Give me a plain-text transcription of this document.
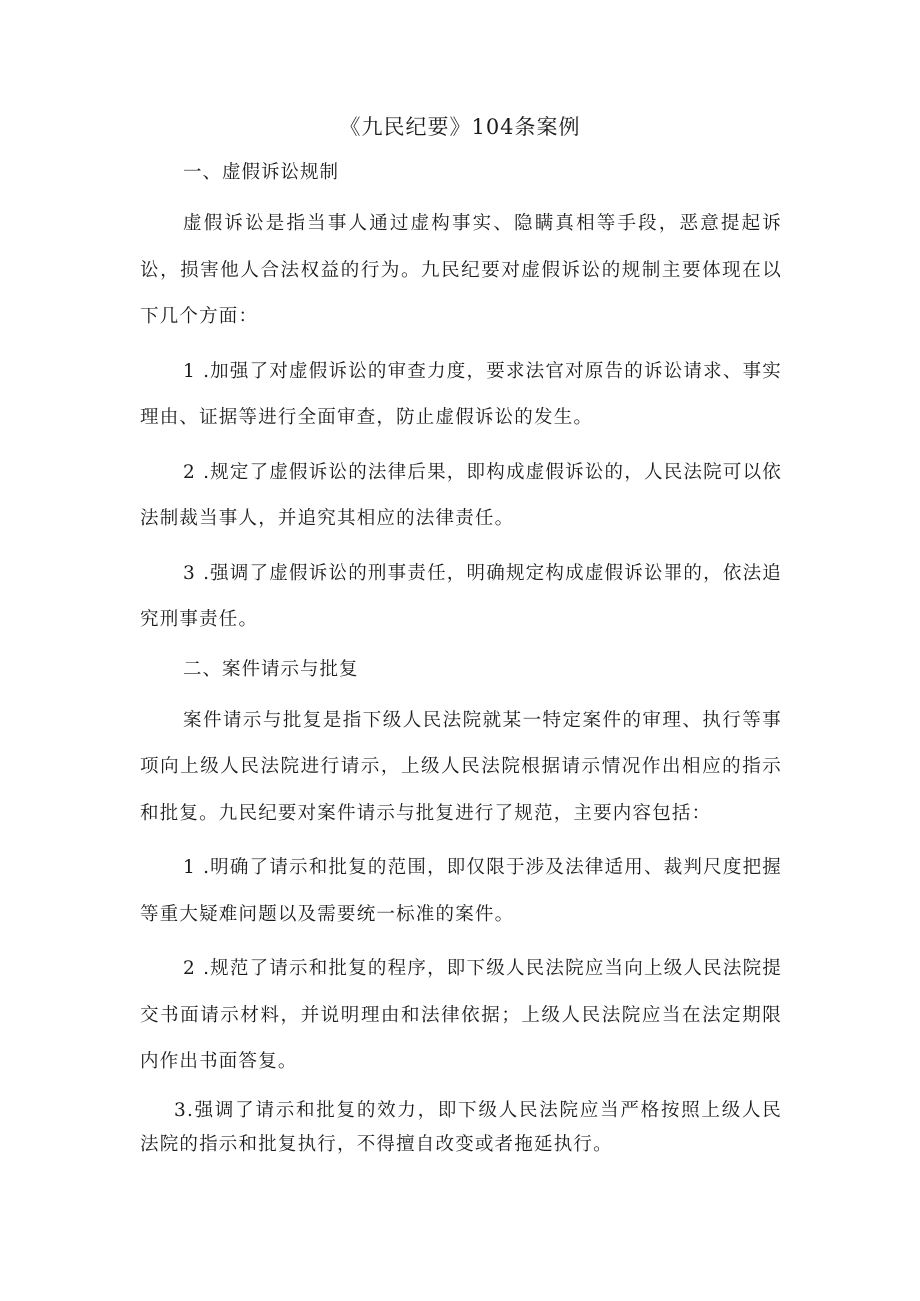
《九民纪要》104条案例
一、虚假诉讼规制

虚假诉讼是指当事人通过虚构事实、隐瞒真相等手段，恶意提起诉讼，损害他人合法权益的行为。九民纪要对虚假诉讼的规制主要体现在以下几个方面：

1 .加强了对虚假诉讼的审查力度，要求法官对原告的诉讼请求、事实理由、证据等进行全面审查，防止虚假诉讼的发生。

2 .规定了虚假诉讼的法律后果，即构成虚假诉讼的，人民法院可以依法制裁当事人，并追究其相应的法律责任。

3 .强调了虚假诉讼的刑事责任，明确规定构成虚假诉讼罪的，依法追究刑事责任。

二、案件请示与批复

案件请示与批复是指下级人民法院就某一特定案件的审理、执行等事项向上级人民法院进行请示，上级人民法院根据请示情况作出相应的指示和批复。九民纪要对案件请示与批复进行了规范，主要内容包括：

1 .明确了请示和批复的范围，即仅限于涉及法律适用、裁判尺度把握等重大疑难问题以及需要统一标准的案件。

2 .规范了请示和批复的程序，即下级人民法院应当向上级人民法院提交书面请示材料，并说明理由和法律依据；上级人民法院应当在法定期限内作出书面答复。

3.强调了请示和批复的效力，即下级人民法院应当严格按照上级人民法院的指示和批复执行，不得擅自改变或者拖延执行。
